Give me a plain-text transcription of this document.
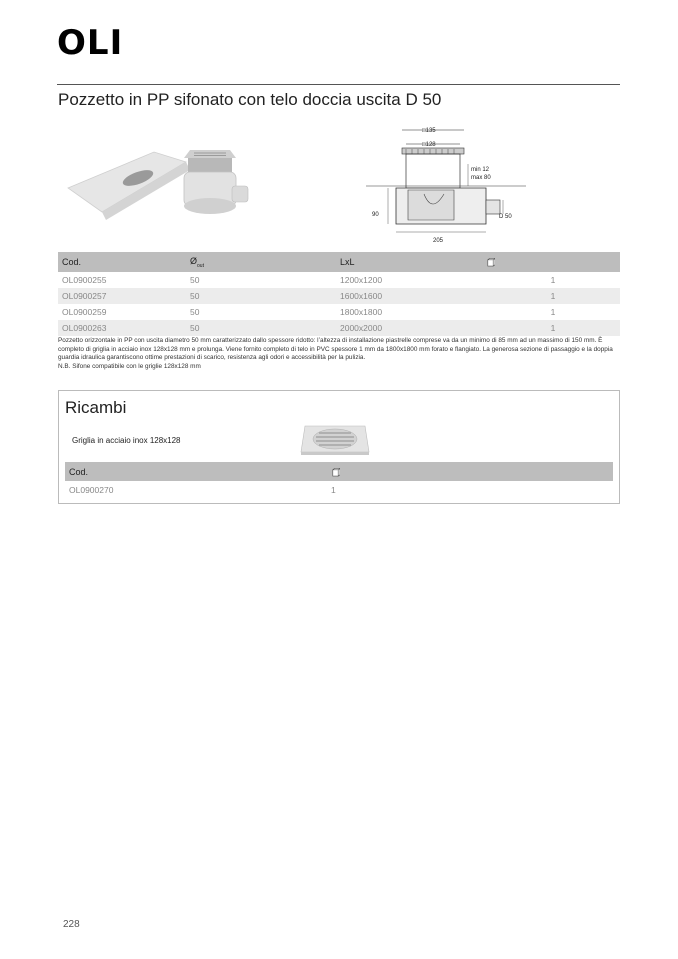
OLI
Pozzetto in PP sifonato con telo doccia uscita D 50
□135
□128
min 12
max 80
D 50
90
205
Cod.	$Ø_{out}$	LxL	
OL0900255	50	1200x1200	1
OL0900257	50	1600x1600	1
OL0900259	50	1800x1800	1
OL0900263	50	2000x2000	1

Pozzetto orizzontale in PP con uscita diametro 50 mm caratterizzato dallo spessore ridotto: l’altezza di installazione piastrelle comprese va da un minimo di 85 mm ad un massimo di 150 mm. È completo di griglia in acciaio inox 128x128 mm e prolunga. Viene fornito completo di telo in PVC spessore 1 mm da 1800x1800 mm forato e flangiato. La generosa sezione di passaggio e la doppia guardia idraulica garantiscono ottime prestazioni di scarico, resistenza agli odori e accessibilità per la pulizia.

N.B. Sifone compatibile con le griglie 128x128 mm

Ricambi
Griglia in acciaio inox 128x128
Cod.	
OL0900270	1
228
